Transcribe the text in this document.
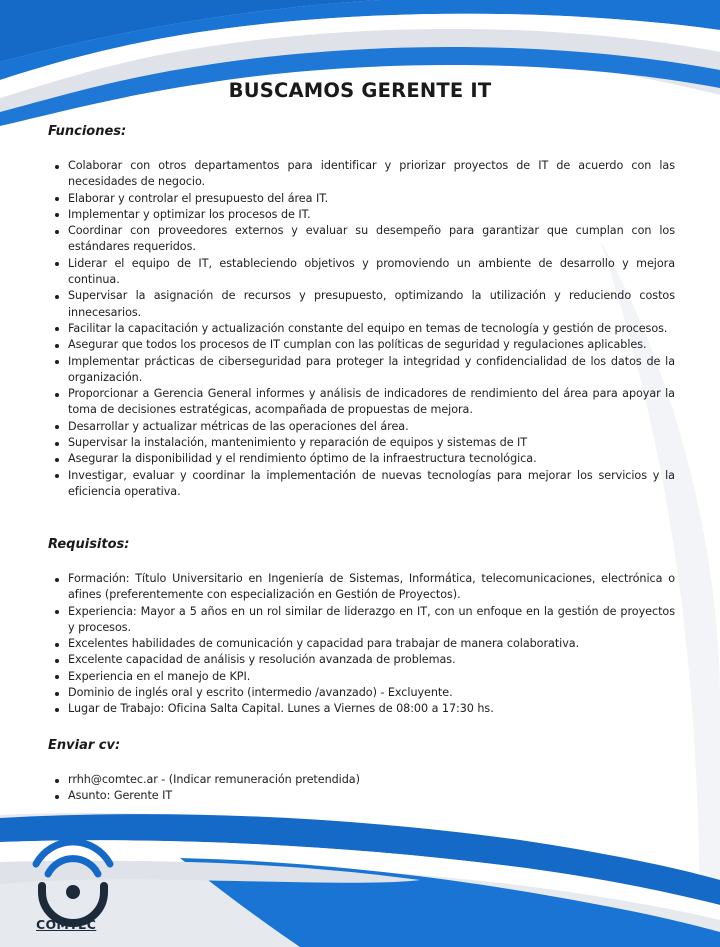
BUSCAMOS GERENTE IT
Funciones:
Colaborar con otros departamentos para identificar y priorizar proyectos de IT de acuerdo con las necesidades de negocio.
Elaborar y controlar el presupuesto del área IT.
Implementar y optimizar los procesos de IT.
Coordinar con proveedores externos y evaluar su desempeño para garantizar que cumplan con los estándares requeridos.
Liderar el equipo de IT, estableciendo objetivos y promoviendo un ambiente de desarrollo y mejora continua.
Supervisar la asignación de recursos y presupuesto, optimizando la utilización y reduciendo costos innecesarios.
Facilitar la capacitación y actualización constante del equipo en temas de tecnología y gestión de procesos.
Asegurar que todos los procesos de IT cumplan con las políticas de seguridad y regulaciones aplicables.
Implementar prácticas de ciberseguridad para proteger la integridad y confidencialidad de los datos de la organización.
Proporcionar a Gerencia General informes y análisis de indicadores de rendimiento del área para apoyar la toma de decisiones estratégicas, acompañada de propuestas de mejora.
Desarrollar y actualizar métricas de las operaciones del área.
Supervisar la instalación, mantenimiento y reparación de equipos y sistemas de IT
Asegurar la disponibilidad y el rendimiento óptimo de la infraestructura tecnológica.
Investigar, evaluar y coordinar la implementación de nuevas tecnologías para mejorar los servicios y la eficiencia operativa.
Requisitos:
Formación: Título Universitario en Ingeniería de Sistemas, Informática, telecomunicaciones, electrónica o afines (preferentemente con especialización en Gestión de Proyectos).
Experiencia: Mayor a 5 años en un rol similar de liderazgo en IT, con un enfoque en la gestión de proyectos y procesos.
Excelentes habilidades de comunicación y capacidad para trabajar de manera colaborativa.
Excelente capacidad de análisis y resolución avanzada de problemas.
Experiencia en el manejo de KPI.
Dominio de inglés oral y escrito (intermedio /avanzado) - Excluyente.
Lugar de Trabajo: Oficina Salta Capital. Lunes a Viernes de 08:00 a 17:30 hs.
Enviar cv:
rrhh@comtec.ar - (Indicar remuneración pretendida)
Asunto: Gerente IT
COMTEC
